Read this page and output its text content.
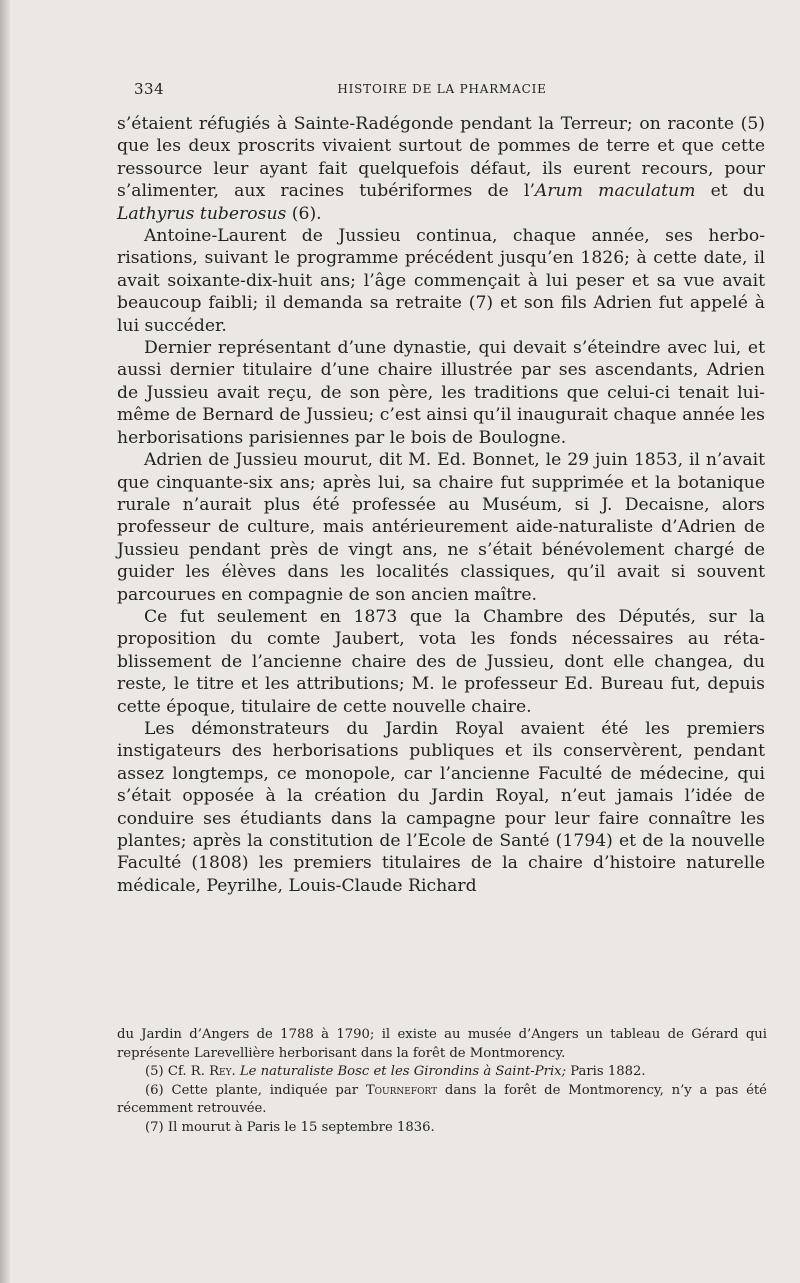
334	HISTOIRE DE LA PHARMACIE

s’étaient réfugiés à Sainte-Radégonde pendant la Terreur; on raconte (5) que les deux proscrits vivaient surtout de pommes de terre et que cette ressource leur ayant fait quelquefois défaut, ils eurent recours, pour s’alimenter, aux racines tubériformes de l’Arum maculatum et du Lathyrus tuberosus (6).

Antoine-Laurent de Jussieu continua, chaque année, ses herborisations, suivant le programme précédent jusqu’en 1826; à cette date, il avait soixante-dix-huit ans; l’âge commençait à lui peser et sa vue avait beaucoup faibli; il demanda sa retraite (7) et son fils Adrien fut appelé à lui succéder.

Dernier représentant d’une dynastie, qui devait s’éteindre avec lui, et aussi dernier titulaire d’une chaire illustrée par ses ascendants, Adrien de Jussieu avait reçu, de son père, les traditions que celui-ci tenait lui-même de Bernard de Jussieu; c’est ainsi qu’il inaugurait chaque année les herborisations parisiennes par le bois de Boulogne.

Adrien de Jussieu mourut, dit M. Ed. Bonnet, le 29 juin 1853, il n’avait que cinquante-six ans; après lui, sa chaire fut supprimée et la botanique rurale n’aurait plus été professée au Muséum, si J. Decaisne, alors professeur de culture, mais antérieurement aide-naturaliste d’Adrien de Jussieu pendant près de vingt ans, ne s’était bénévolement chargé de guider les élèves dans les localités classiques, qu’il avait si souvent parcourues en compagnie de son ancien maître.

Ce fut seulement en 1873 que la Chambre des Députés, sur la proposition du comte Jaubert, vota les fonds nécessaires au rétablissement de l’ancienne chaire des de Jussieu, dont elle changea, du reste, le titre et les attributions; M. le professeur Ed. Bureau fut, depuis cette époque, titulaire de cette nouvelle chaire.

Les démonstrateurs du Jardin Royal avaient été les premiers instigateurs des herborisations publiques et ils conservèrent, pendant assez longtemps, ce monopole, car l’ancienne Faculté de médecine, qui s’était opposée à la création du Jardin Royal, n’eut jamais l’idée de conduire ses étudiants dans la campagne pour leur faire connaître les plantes; après la constitution de l’Ecole de Santé (1794) et de la nouvelle Faculté (1808) les premiers titulaires de la chaire d’histoire naturelle médicale, Peyrilhe, Louis-Claude Richard

du Jardin d’Angers de 1788 à 1790; il existe au musée d’Angers un tableau de Gérard qui représente Larevellière herborisant dans la forêt de Montmorency.

(5) Cf. R. Rey. Le naturaliste Bosc et les Girondins à Saint-Prix; Paris 1882.

(6) Cette plante, indiquée par Tournefort dans la forêt de Montmorency, n’y a pas été récemment retrouvée.

(7) Il mourut à Paris le 15 septembre 1836.
